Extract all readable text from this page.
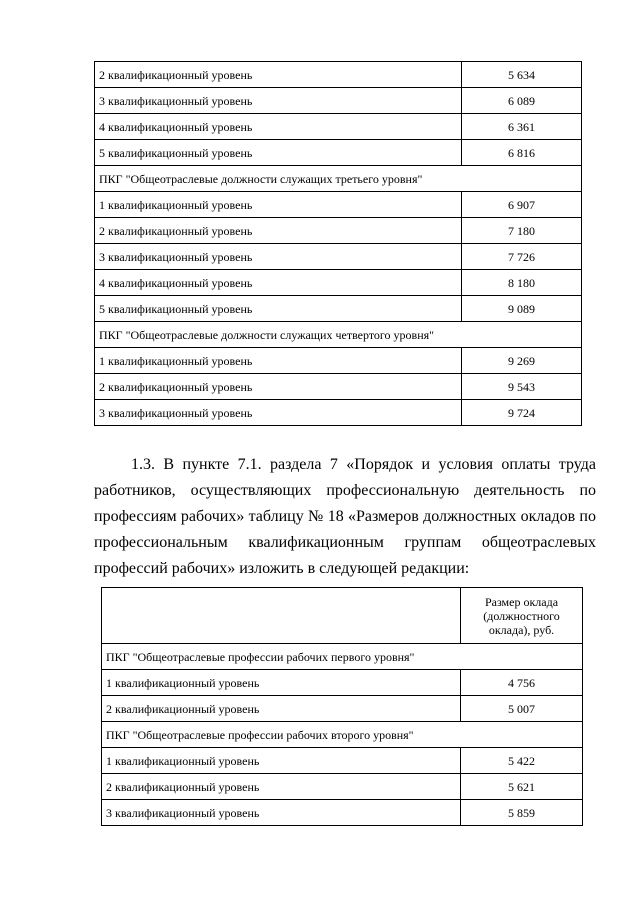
2 квалификационный уровень	5 634
3 квалификационный уровень	6 089
4 квалификационный уровень	6 361
5 квалификационный уровень	6 816
ПКГ "Общеотраслевые должности служащих третьего уровня"	
1 квалификационный уровень	6 907
2 квалификационный уровень	7 180
3 квалификационный уровень	7 726
4 квалификационный уровень	8 180
5 квалификационный уровень	9 089
ПКГ "Общеотраслевые должности служащих четвертого уровня"	
1 квалификационный уровень	9 269
2 квалификационный уровень	9 543
3 квалификационный уровень	9 724

1.3. В пункте 7.1. раздела 7 «Порядок и условия оплаты труда работников, осуществляющих профессиональную деятельность по профессиям рабочих» таблицу № 18 «Размеров должностных окладов по профессиональным квалификационным группам общеотраслевых профессий рабочих» изложить в следующей редакции:

	Размер оклада (должностного оклада), руб.
ПКГ "Общеотраслевые профессии рабочих первого уровня"	
1 квалификационный уровень	4 756
2 квалификационный уровень	5 007
ПКГ "Общеотраслевые профессии рабочих второго уровня"	
1 квалификационный уровень	5 422
2 квалификационный уровень	5 621
3 квалификационный уровень	5 859
